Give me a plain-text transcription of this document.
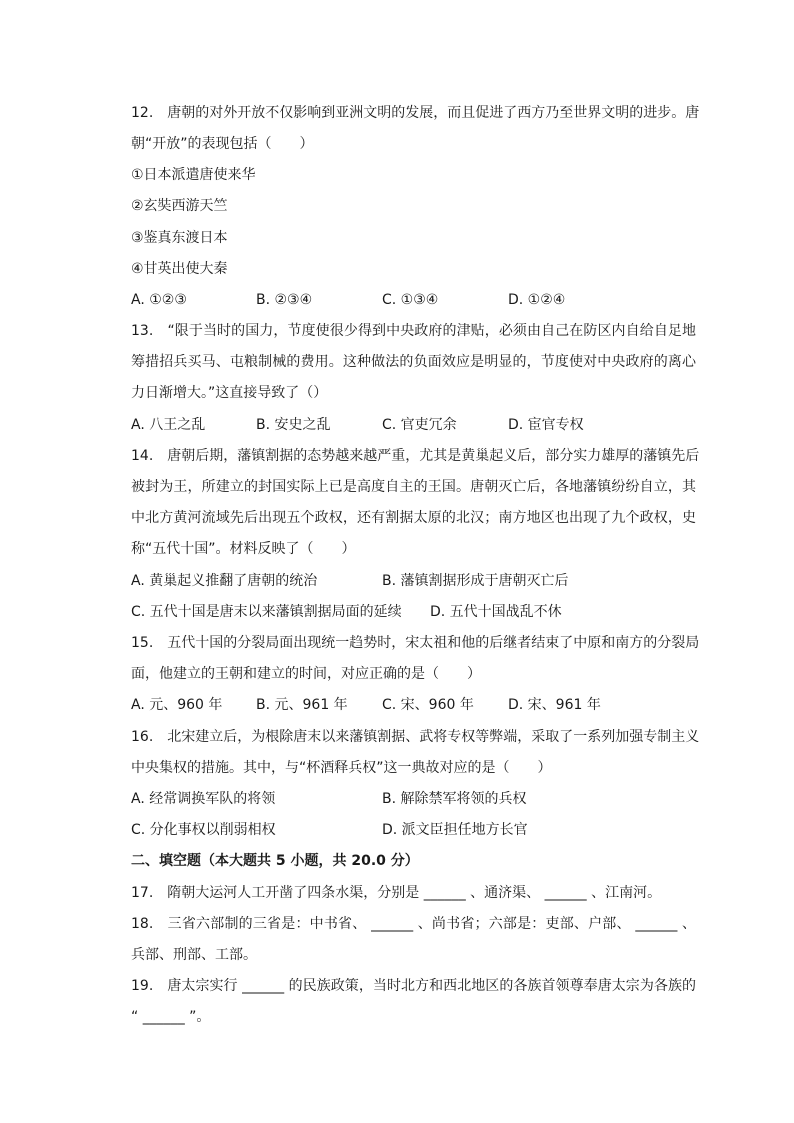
12.　唐朝的对外开放不仅影响到亚洲文明的发展，而且促进了西方乃至世界文明的进步。唐
朝“开放”的表现包括（　　）
①日本派遣唐使来华
②玄奘西游天竺
③鉴真东渡日本
④甘英出使大秦
A. ①②③	B. ②③④	C. ①③④	D. ①②④
13.　“限于当时的国力，节度使很少得到中央政府的津贴，必须由自己在防区内自给自足地
筹措招兵买马、屯粮制械的费用。这种做法的负面效应是明显的，节度使对中央政府的离心
力日渐增大。”这直接导致了（）
A. 八王之乱	B. 安史之乱	C. 官吏冗余	D. 宦官专权
14.　唐朝后期，藩镇割据的态势越来越严重，尤其是黄巢起义后，部分实力雄厚的藩镇先后
被封为王，所建立的封国实际上已是高度自主的王国。唐朝灭亡后，各地藩镇纷纷自立，其
中北方黄河流域先后出现五个政权，还有割据太原的北汉；南方地区也出现了九个政权，史
称“五代十国”。材料反映了（　　）
A. 黄巢起义推翻了唐朝的统治	B. 藩镇割据形成于唐朝灭亡后
C. 五代十国是唐末以来藩镇割据局面的延续 D. 五代十国战乱不休
15.　五代十国的分裂局面出现统一趋势时，宋太祖和他的后继者结束了中原和南方的分裂局
面，他建立的王朝和建立的时间，对应正确的是（　　）
A. 元、960 年 B. 元、961 年 C. 宋、960 年 D. 宋、961 年
16.　北宋建立后，为根除唐末以来藩镇割据、武将专权等弊端，采取了一系列加强专制主义
中央集权的措施。其中，与“杯酒释兵权”这一典故对应的是（　　）
A. 经常调换军队的将领	B. 解除禁军将领的兵权
C. 分化事权以削弱相权	D. 派文臣担任地方长官
二、填空题（本大题共 5 小题，共 20.0 分）
17.　隋朝大运河人工开凿了四条水渠，分别是 ______ 、通济渠、 ______ 、江南河。
18.　三省六部制的三省是：中书省、 ______ 、尚书省；六部是：吏部、户部、 ______ 、
兵部、刑部、工部。
19.　唐太宗实行 ______ 的民族政策，当时北方和西北地区的各族首领尊奉唐太宗为各族的
“ ______ ”。
